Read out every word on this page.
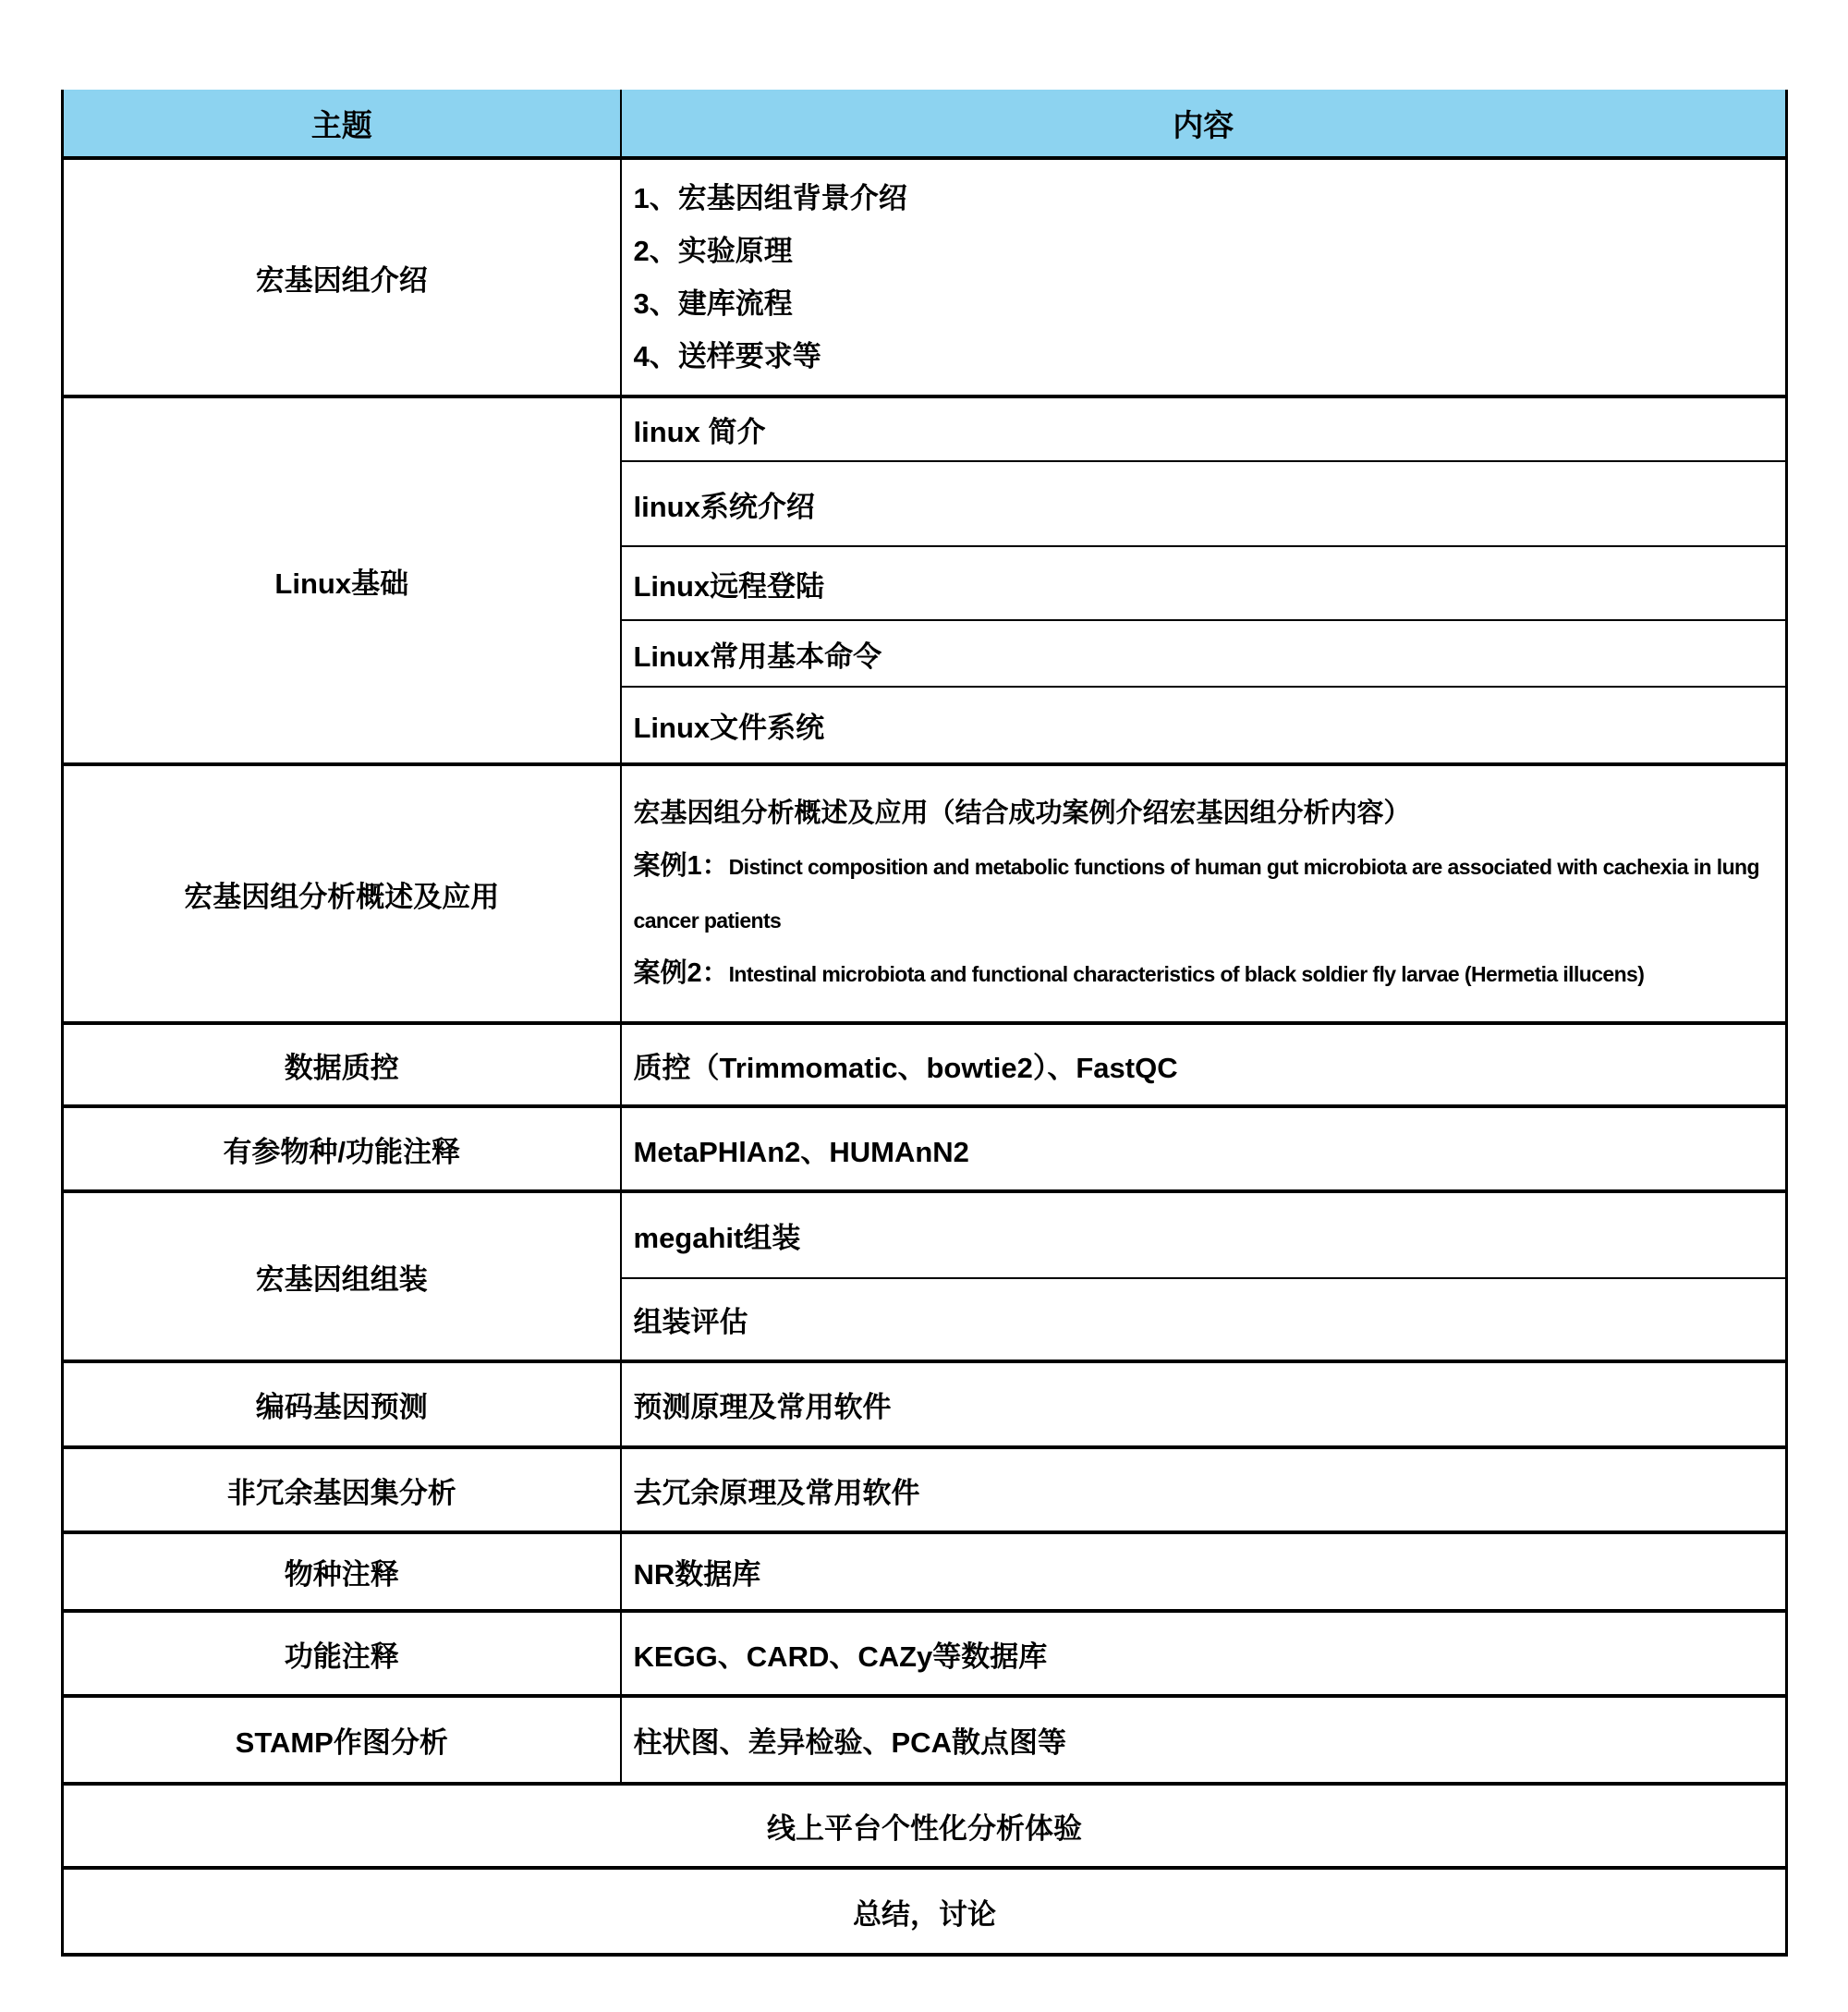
主题	内容
宏基因组介绍	1、宏基因组背景介绍
2、实验原理
3、建库流程
4、送样要求等

Linux基础	linux 简介
	linux系统介绍
	Linux远程登陆
	Linux常用基本命令
	Linux文件系统
宏基因组分析概述及应用	宏基因组分析概述及应用（结合成功案例介绍宏基因组分析内容）

案例1：Distinct composition and metabolic functions of human gut microbiota are associated with cachexia in lung cancer patients

案例2：Intestinal microbiota and functional characteristics of black soldier fly larvae (Hermetia illucens)

数据质控	质控（Trimmomatic、bowtie2）、FastQC
有参物种/功能注释	MetaPHlAn2、HUMAnN2
宏基因组组装	megahit组装
	组装评估
编码基因预测	预测原理及常用软件
非冗余基因集分析	去冗余原理及常用软件
物种注释	NR数据库
功能注释	KEGG、CARD、CAZy等数据库
STAMP作图分析	柱状图、差异检验、PCA散点图等
线上平台个性化分析体验	
总结，讨论	
